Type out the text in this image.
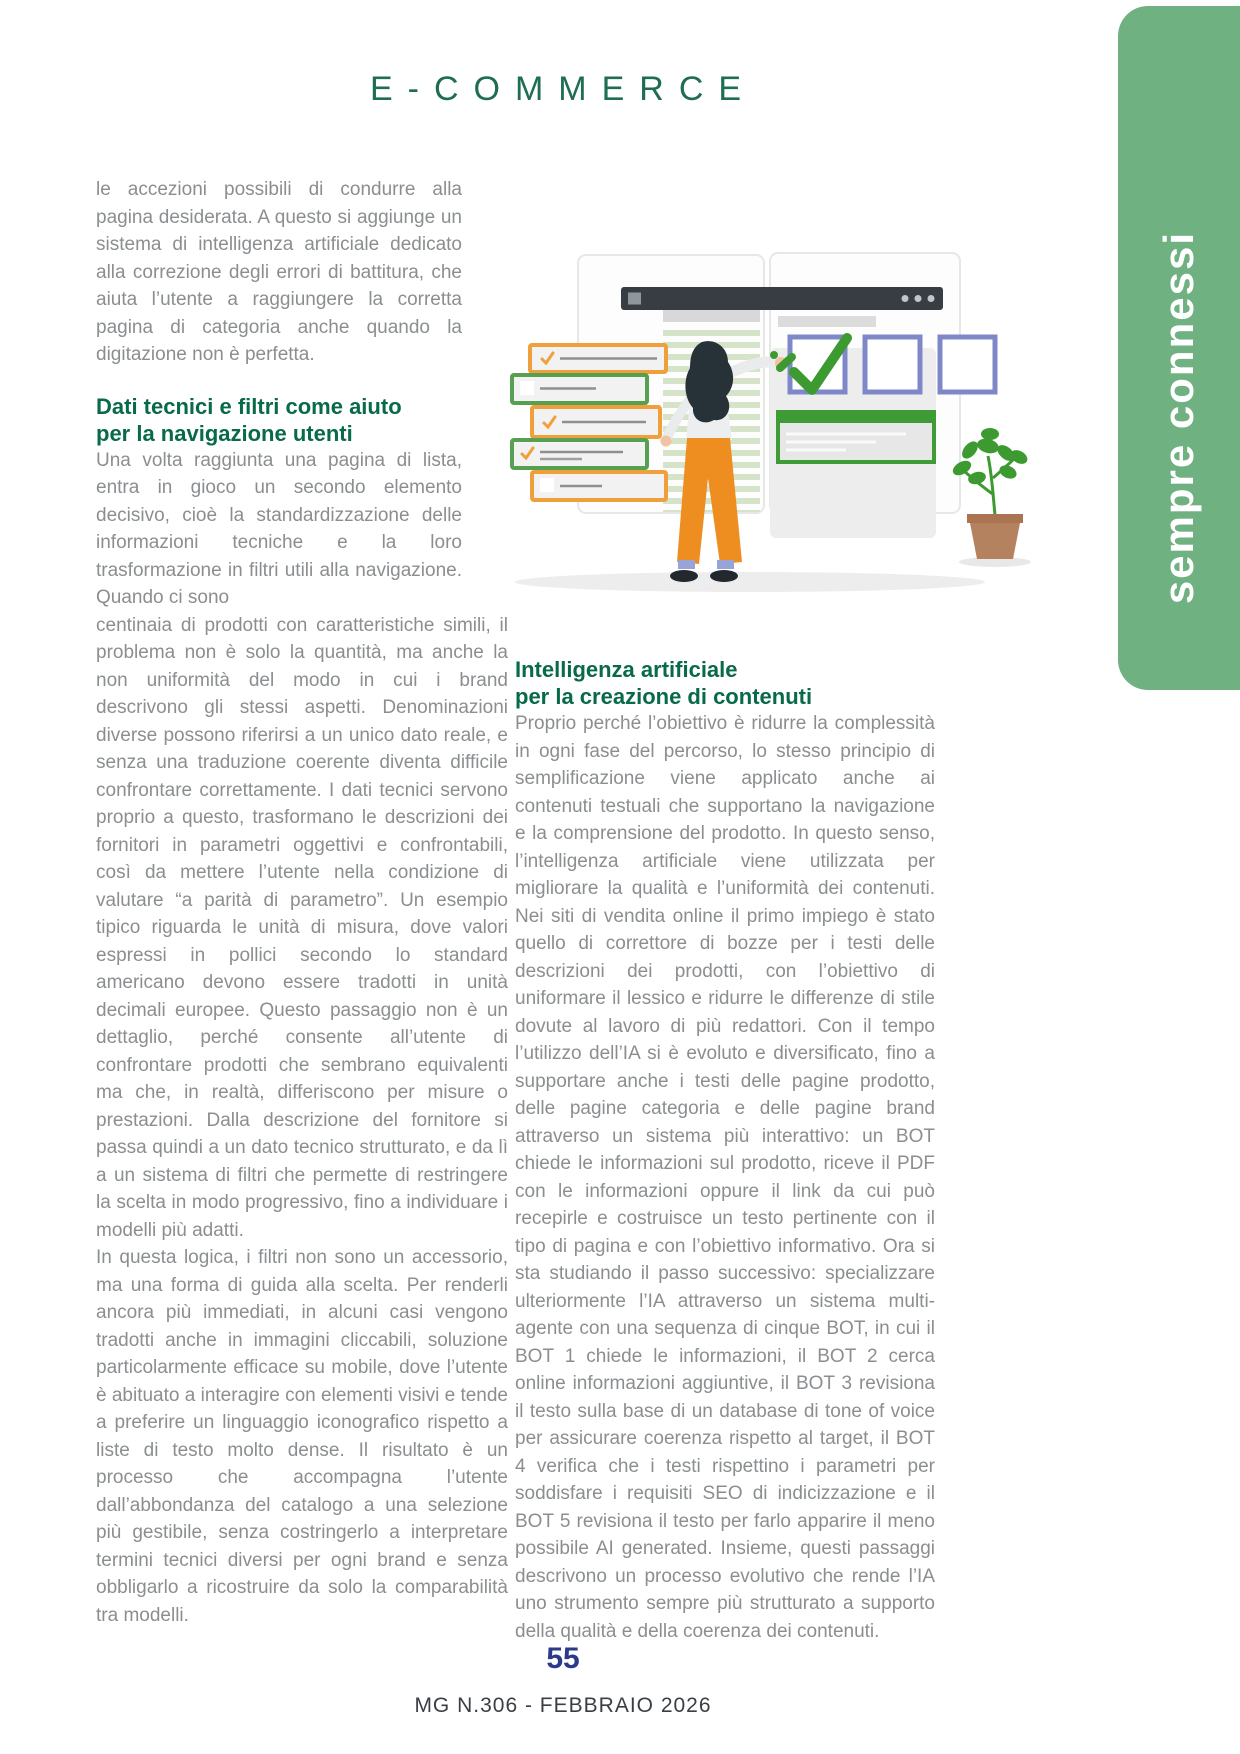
E-COMMERCE
sempre connessi
le accezioni possibili di condurre alla pagina desiderata. A questo si aggiunge un sistema di intelligenza artificiale dedicato alla correzione degli errori di battitura, che aiuta l’utente a raggiungere la corretta pagina di categoria anche quando la digitazione non è perfetta.
Dati tecnici e filtri come aiuto
per la navigazione utenti
Una volta raggiunta una pagina di lista, entra in gioco un secondo elemento decisivo, cioè la standardizzazione delle informazioni tecniche e la loro trasformazione in filtri utili alla navigazione. Quando ci sono
centinaia di prodotti con caratteristiche simili, il problema non è solo la quantità, ma anche la non uniformità del modo in cui i brand descrivono gli stessi aspetti. Denominazioni diverse possono riferirsi a un unico dato reale, e senza una traduzione coerente diventa difficile confrontare correttamente. I dati tecnici servono proprio a questo, trasformano le descrizioni dei fornitori in parametri oggettivi e confrontabili, così da mettere l’utente nella condizione di valutare “a parità di parametro”. Un esempio tipico riguarda le unità di misura, dove valori espressi in pollici secondo lo standard americano devono essere tradotti in unità decimali europee. Questo passaggio non è un dettaglio, perché consente all’utente di confrontare prodotti che sembrano equivalenti ma che, in realtà, differiscono per misure o prestazioni. Dalla descrizione del fornitore si passa quindi a un dato tecnico strutturato, e da lì a un sistema di filtri che permette di restringere la scelta in modo progressivo, fino a individuare i modelli più adatti.
In questa logica, i filtri non sono un accessorio, ma una forma di guida alla scelta. Per renderli ancora più immediati, in alcuni casi vengono tradotti anche in immagini cliccabili, soluzione particolarmente efficace su mobile, dove l’utente è abituato a interagire con elementi visivi e tende a preferire un linguaggio iconografico rispetto a liste di testo molto dense. Il risultato è un processo che accompagna l’utente dall’abbondanza del catalogo a una selezione più gestibile, senza costringerlo a interpretare termini tecnici diversi per ogni brand e senza obbligarlo a ricostruire da solo la comparabilità tra modelli.
Intelligenza artificiale
per la creazione di contenuti
Proprio perché l’obiettivo è ridurre la complessità in ogni fase del percorso, lo stesso principio di semplificazione viene applicato anche ai contenuti testuali che supportano la navigazione e la comprensione del prodotto. In questo senso, l’intelligenza artificiale viene utilizzata per migliorare la qualità e l’uniformità dei contenuti. Nei siti di vendita online il primo impiego è stato quello di correttore di bozze per i testi delle descrizioni dei prodotti, con l’obiettivo di uniformare il lessico e ridurre le differenze di stile dovute al lavoro di più redattori. Con il tempo l’utilizzo dell’IA si è evoluto e diversificato, fino a supportare anche i testi delle pagine prodotto, delle pagine categoria e delle pagine brand attraverso un sistema più interattivo: un BOT chiede le informazioni sul prodotto, riceve il PDF con le informazioni oppure il link da cui può recepirle e costruisce un testo pertinente con il tipo di pagina e con l’obiettivo informativo. Ora si sta studiando il passo successivo: specializzare ulteriormente l’IA attraverso un sistema multi-agente con una sequenza di cinque BOT, in cui il BOT 1 chiede le informazioni, il BOT 2 cerca online informazioni aggiuntive, il BOT 3 revisiona il testo sulla base di un database di tone of voice per assicurare coerenza rispetto al target, il BOT 4 verifica che i testi rispettino i parametri per soddisfare i requisiti SEO di indicizzazione e il BOT 5 revisiona il testo per farlo apparire il meno possibile AI generated. Insieme, questi passaggi descrivono un processo evolutivo che rende l’IA uno strumento sempre più strutturato a supporto della qualità e della coerenza dei contenuti.
55
MG N.306 - FEBBRAIO 2026
